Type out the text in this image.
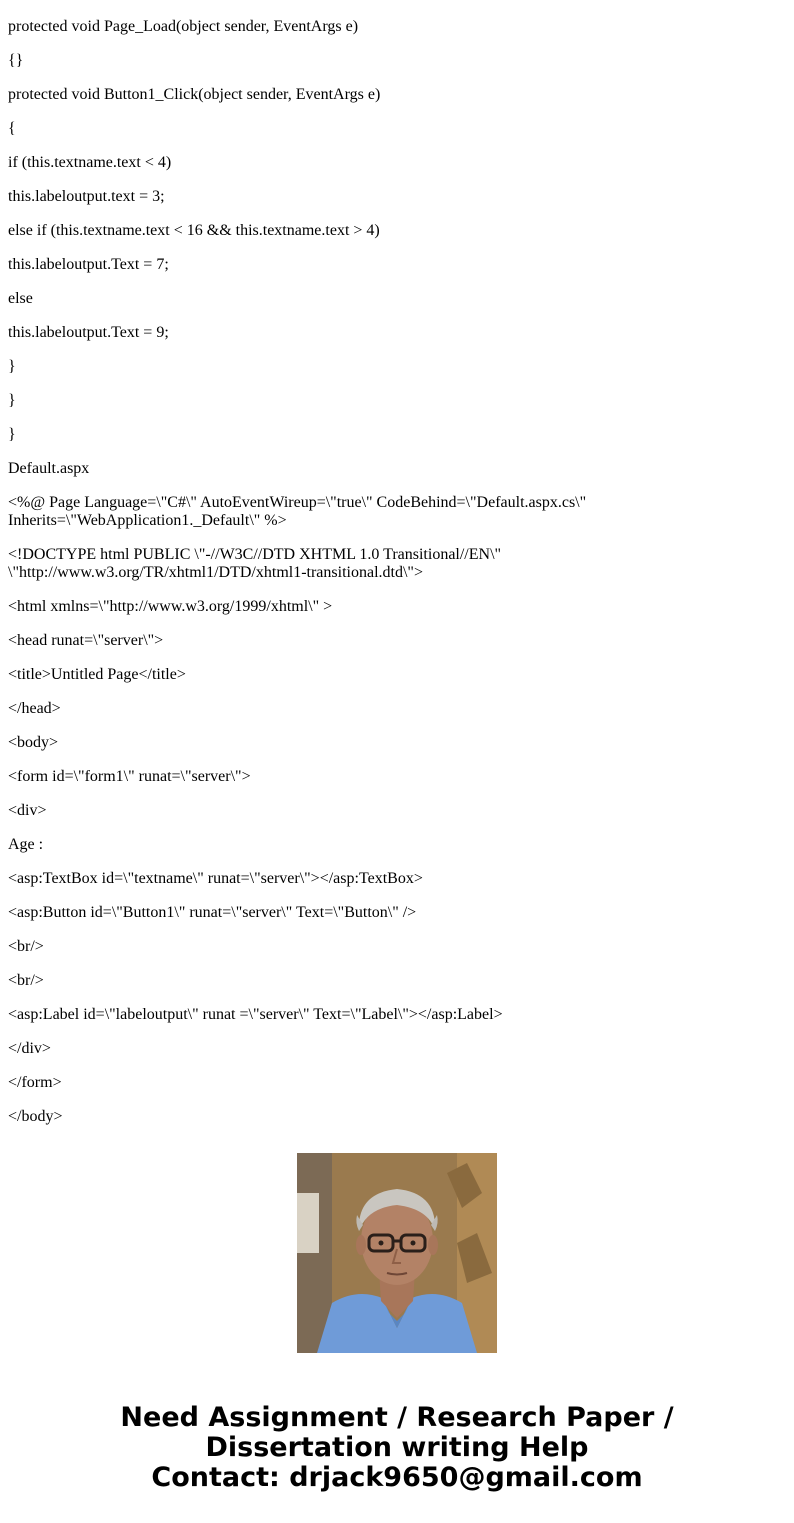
protected void Page_Load(object sender, EventArgs e)

{}

protected void Button1_Click(object sender, EventArgs e)

{

if (this.textname.text < 4)

this.labeloutput.text = 3;

else if (this.textname.text < 16 && this.textname.text > 4)

this.labeloutput.Text = 7;

else

this.labeloutput.Text = 9;

}

}

}

Default.aspx

<%@ Page Language=\"C#\" AutoEventWireup=\"true\" CodeBehind=\"Default.aspx.cs\" Inherits=\"WebApplication1._Default\" %>

<!DOCTYPE html PUBLIC \"-//W3C//DTD XHTML 1.0 Transitional//EN\" \"http://www.w3.org/TR/xhtml1/DTD/xhtml1-transitional.dtd\">

<html xmlns=\"http://www.w3.org/1999/xhtml\" >

<head runat=\"server\">

<title>Untitled Page</title>

</head>

<body>

<form id=\"form1\" runat=\"server\">

<div>

Age :

<asp:TextBox id=\"textname\" runat=\"server\"></asp:TextBox>

<asp:Button id=\"Button1\" runat=\"server\" Text=\"Button\" />

<br/>

<br/>

<asp:Label id=\"labeloutput\" runat =\"server\" Text=\"Label\"></asp:Label>

</div>

</form>

</body>

Need Assignment / Research Paper / Dissertation writing Help
Contact: drjack9650@gmail.com
